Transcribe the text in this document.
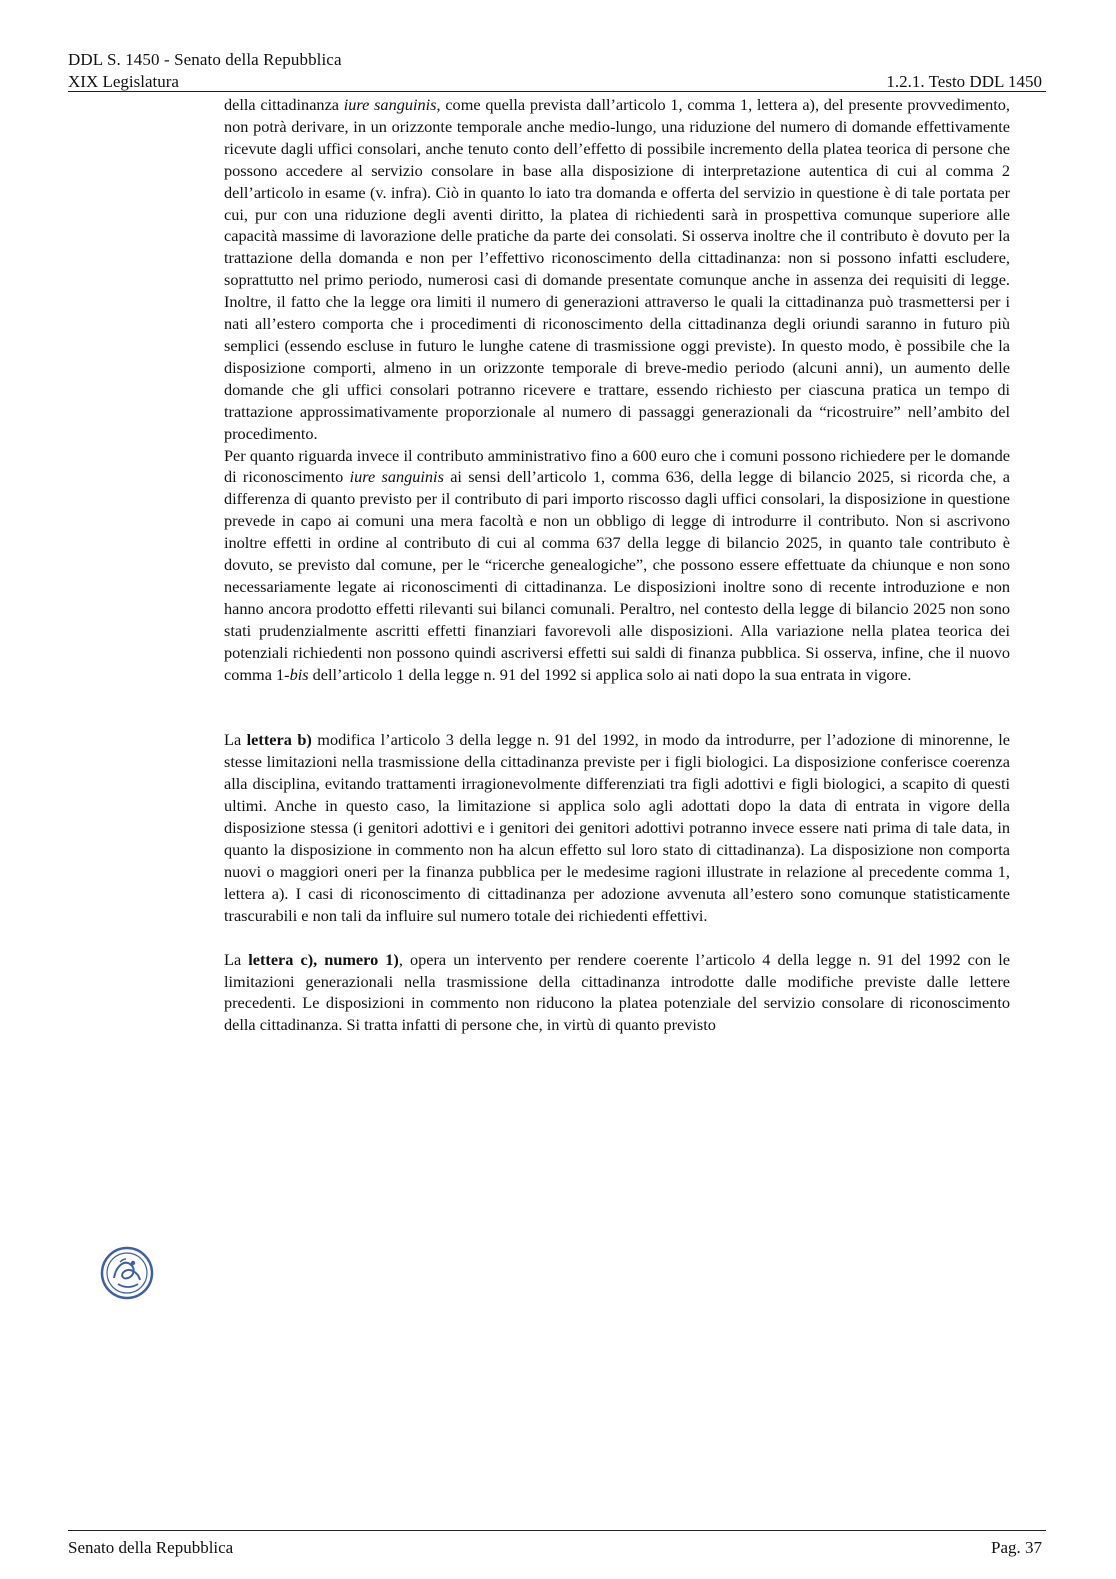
DDL S. 1450 - Senato della Repubblica
XIX Legislatura	1.2.1. Testo DDL 1450

della cittadinanza iure sanguinis, come quella prevista dall’articolo 1, comma 1, lettera a), del presente provvedimento, non potrà derivare, in un orizzonte temporale anche medio-lungo, una riduzione del numero di domande effettivamente ricevute dagli uffici consolari, anche tenuto conto dell’effetto di possibile incremento della platea teorica di persone che possono accedere al servizio consolare in base alla disposizione di interpretazione autentica di cui al comma 2 dell’articolo in esame (v. infra). Ciò in quanto lo iato tra domanda e offerta del servizio in questione è di tale portata per cui, pur con una riduzione degli aventi diritto, la platea di richiedenti sarà in prospettiva comunque superiore alle capacità massime di lavorazione delle pratiche da parte dei consolati. Si osserva inoltre che il contributo è dovuto per la trattazione della domanda e non per l’effettivo riconoscimento della cittadinanza: non si possono infatti escludere, soprattutto nel primo periodo, numerosi casi di domande presentate comunque anche in assenza dei requisiti di legge. Inoltre, il fatto che la legge ora limiti il numero di generazioni attraverso le quali la cittadinanza può trasmettersi per i nati all’estero comporta che i procedimenti di riconoscimento della cittadinanza degli oriundi saranno in futuro più semplici (essendo escluse in futuro le lunghe catene di trasmissione oggi previste). In questo modo, è possibile che la disposizione comporti, almeno in un orizzonte temporale di breve-medio periodo (alcuni anni), un aumento delle domande che gli uffici consolari potranno ricevere e trattare, essendo richiesto per ciascuna pratica un tempo di trattazione approssimativamente proporzionale al numero di passaggi generazionali da “ricostruire” nell’ambito del procedimento.

Per quanto riguarda invece il contributo amministrativo fino a 600 euro che i comuni possono richiedere per le domande di riconoscimento iure sanguinis ai sensi dell’articolo 1, comma 636, della legge di bilancio 2025, si ricorda che, a differenza di quanto previsto per il contributo di pari importo riscosso dagli uffici consolari, la disposizione in questione prevede in capo ai comuni una mera facoltà e non un obbligo di legge di introdurre il contributo. Non si ascrivono inoltre effetti in ordine al contributo di cui al comma 637 della legge di bilancio 2025, in quanto tale contributo è dovuto, se previsto dal comune, per le “ricerche genealogiche”, che possono essere effettuate da chiunque e non sono necessariamente legate ai riconoscimenti di cittadinanza. Le disposizioni inoltre sono di recente introduzione e non hanno ancora prodotto effetti rilevanti sui bilanci comunali. Peraltro, nel contesto della legge di bilancio 2025 non sono stati prudenzialmente ascritti effetti finanziari favorevoli alle disposizioni. Alla variazione nella platea teorica dei potenziali richiedenti non possono quindi ascriversi effetti sui saldi di finanza pubblica. Si osserva, infine, che il nuovo comma 1-bis dell’articolo 1 della legge n. 91 del 1992 si applica solo ai nati dopo la sua entrata in vigore.

La lettera b) modifica l’articolo 3 della legge n. 91 del 1992, in modo da introdurre, per l’adozione di minorenne, le stesse limitazioni nella trasmissione della cittadinanza previste per i figli biologici. La disposizione conferisce coerenza alla disciplina, evitando trattamenti irragionevolmente differenziati tra figli adottivi e figli biologici, a scapito di questi ultimi. Anche in questo caso, la limitazione si applica solo agli adottati dopo la data di entrata in vigore della disposizione stessa (i genitori adottivi e i genitori dei genitori adottivi potranno invece essere nati prima di tale data, in quanto la disposizione in commento non ha alcun effetto sul loro stato di cittadinanza). La disposizione non comporta nuovi o maggiori oneri per la finanza pubblica per le medesime ragioni illustrate in relazione al precedente comma 1, lettera a). I casi di riconoscimento di cittadinanza per adozione avvenuta all’estero sono comunque statisticamente trascurabili e non tali da influire sul numero totale dei richiedenti effettivi.

La lettera c), numero 1), opera un intervento per rendere coerente l’articolo 4 della legge n. 91 del 1992 con le limitazioni generazionali nella trasmissione della cittadinanza introdotte dalle modifiche previste dalle lettere precedenti. Le disposizioni in commento non riducono la platea potenziale del servizio consolare di riconoscimento della cittadinanza. Si tratta infatti di persone che, in virtù di quanto previsto

Senato della Repubblica	Pag. 37
